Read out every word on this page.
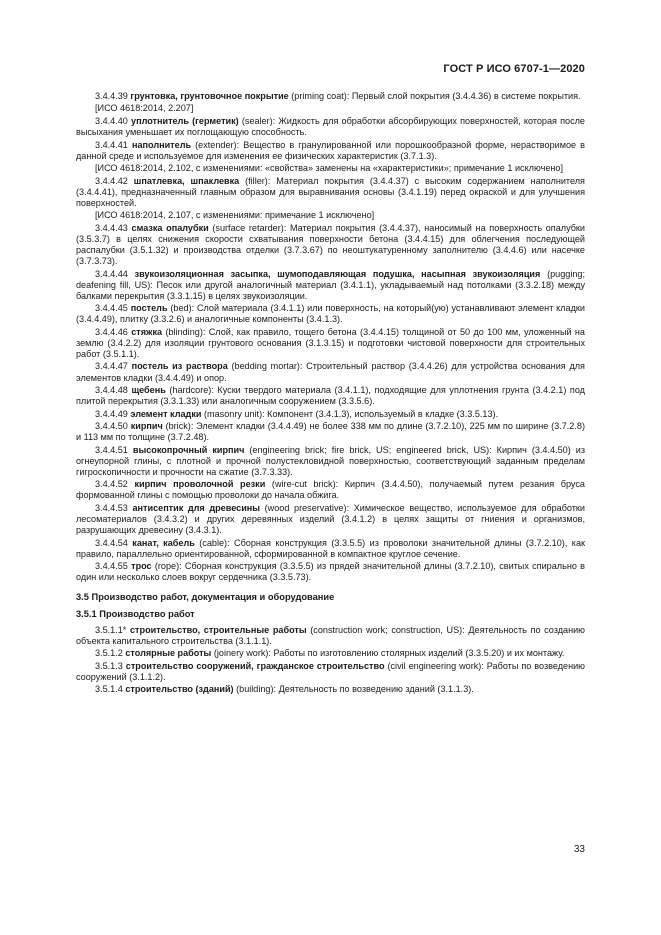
ГОСТ Р ИСО 6707-1—2020
3.4.4.39 грунтовка, грунтовочное покрытие (priming coat): Первый слой покрытия (3.4.4.36) в системе покрытия.
[ИСО 4618:2014, 2.207]
3.4.4.40 уплотнитель (герметик) (sealer): Жидкость для обработки абсорбирующих поверхностей, которая после высыхания уменьшает их поглощающую способность.
3.4.4.41 наполнитель (extender): Вещество в гранулированной или порошкообразной форме, нерастворимое в данной среде и используемое для изменения ее физических характеристик (3.7.1.3).
[ИСО 4618:2014, 2.102, с изменениями: «свойства» заменены на «характеристики»; примечание 1 исключено]
3.4.4.42 шпатлевка, шпаклевка (filler): Материал покрытия (3.4.4.37) с высоким содержанием наполнителя (3.4.4.41), предназначенный главным образом для выравнивания основы (3.4.1.19) перед окраской и для улучшения поверхностей.
[ИСО 4618:2014, 2.107, с изменениями: примечание 1 исключено]
3.4.4.43 смазка опалубки (surface retarder): Материал покрытия (3.4.4.37), наносимый на поверхность опалубки (3.5.3.7) в целях снижения скорости схватывания поверхности бетона (3.4.4.15) для облегчения последующей распалубки (3.5.1.32) и производства отделки (3.7.3.67) по неоштукатуренному заполнителю (3.4.4.6) или насечке (3.7.3.73).
3.4.4.44 звукоизоляционная засыпка, шумоподавляющая подушка, насыпная звукоизоляция (pugging; deafening fill, US): Песок или другой аналогичный материал (3.4.1.1), укладываемый над потолками (3.3.2.18) между балками перекрытия (3.3.1.15) в целях звукоизоляции.
3.4.4.45 постель (bed): Слой материала (3.4.1.1) или поверхность, на который(ую) устанавливают элемент кладки (3.4.4.49), плитку (3.3.2.6) и аналогичные компоненты (3.4.1.3).
3.4.4.46 стяжка (blinding): Слой, как правило, тощего бетона (3.4.4.15) толщиной от 50 до 100 мм, уложенный на землю (3.4.2.2) для изоляции грунтового основания (3.1.3.15) и подготовки чистовой поверхности для строительных работ (3.5.1.1).
3.4.4.47 постель из раствора (bedding mortar): Строительный раствор (3.4.4.26) для устройства основания для элементов кладки (3.4.4.49) и опор.
3.4.4.48 щебень (hardcore): Куски твердого материала (3.4.1.1), подходящие для уплотнения грунта (3.4.2.1) под плитой перекрытия (3.3.1.33) или аналогичным сооружением (3.3.5.6).
3.4.4.49 элемент кладки (masonry unit): Компонент (3.4.1.3), используемый в кладке (3.3.5.13).
3.4.4.50 кирпич (brick): Элемент кладки (3.4.4.49) не более 338 мм по длине (3.7.2.10), 225 мм по ширине (3.7.2.8) и 113 мм по толщине (3.7.2.48).
3.4.4.51 высокопрочный кирпич (engineering brick; fire brick, US; engineered brick, US): Кирпич (3.4.4.50) из огнеупорной глины, с плотной и прочной полустекловидной поверхностью, соответствующий заданным пределам гигроскопичности и прочности на сжатие (3.7.3.33).
3.4.4.52 кирпич проволочной резки (wire-cut brick): Кирпич (3.4.4.50), получаемый путем резания бруса формованной глины с помощью проволоки до начала обжига.
3.4.4.53 антисептик для древесины (wood preservative): Химическое вещество, используемое для обработки лесоматериалов (3.4.3.2) и других деревянных изделий (3.4.1.2) в целях защиты от гниения и организмов, разрушающих древесину (3.4.3.1).
3.4.4.54 канат, кабель (cable): Сборная конструкция (3.3.5.5) из проволоки значительной длины (3.7.2.10), как правило, параллельно ориентированной, сформированной в компактное круглое сечение.
3.4.4.55 трос (rope): Сборная конструкция (3.3.5.5) из прядей значительной длины (3.7.2.10), свитых спирально в один или несколько слоев вокруг сердечника (3.3.5.73).
3.5 Производство работ, документация и оборудование
3.5.1 Производство работ
3.5.1.1* строительство, строительные работы (construction work; construction, US): Деятельность по созданию объекта капитального строительства (3.1.1.1).
3.5.1.2 столярные работы (joinery work): Работы по изготовлению столярных изделий (3.3.5.20) и их монтажу.
3.5.1.3 строительство сооружений, гражданское строительство (civil engineering work): Работы по возведению сооружений (3.1.1.2).
3.5.1.4 строительство (зданий) (building): Деятельность по возведению зданий (3.1.1.3).
33
